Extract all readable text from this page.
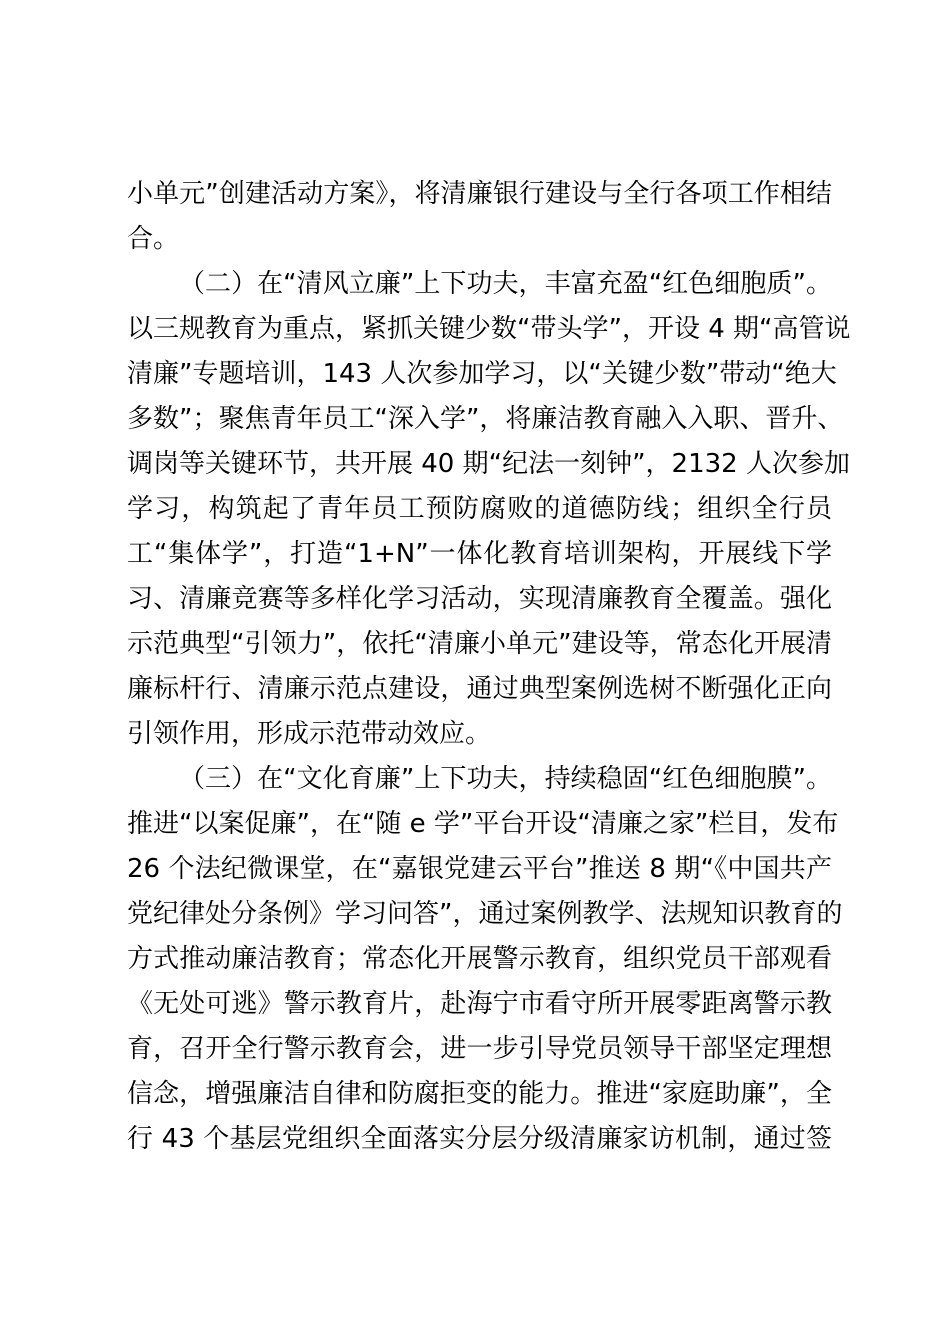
小单元”创建活动方案》，将清廉银行建设与全行各项工作相结
合。
（二）在“清风立廉”上下功夫，丰富充盈“红色细胞质”。
以三规教育为重点，紧抓关键少数“带头学”，开设 4 期“高管说
清廉”专题培训，143 人次参加学习，以“关键少数”带动“绝大
多数”；聚焦青年员工“深入学”，将廉洁教育融入入职、晋升、
调岗等关键环节，共开展 40 期“纪法一刻钟”，2132 人次参加
学习，构筑起了青年员工预防腐败的道德防线；组织全行员
工“集体学”，打造“1+N”一体化教育培训架构，开展线下学
习、清廉竞赛等多样化学习活动，实现清廉教育全覆盖。强化
示范典型“引领力”，依托“清廉小单元”建设等，常态化开展清
廉标杆行、清廉示范点建设，通过典型案例选树不断强化正向
引领作用，形成示范带动效应。
（三）在“文化育廉”上下功夫，持续稳固“红色细胞膜”。
推进“以案促廉”，在“随 e 学”平台开设“清廉之家”栏目，发布
26 个法纪微课堂，在“嘉银党建云平台”推送 8 期“《中国共产
党纪律处分条例》学习问答”，通过案例教学、法规知识教育的
方式推动廉洁教育；常态化开展警示教育，组织党员干部观看
《无处可逃》警示教育片，赴海宁市看守所开展零距离警示教
育，召开全行警示教育会，进一步引导党员领导干部坚定理想
信念，增强廉洁自律和防腐拒变的能力。推进“家庭助廉”，全
行 43 个基层党组织全面落实分层分级清廉家访机制，通过签
